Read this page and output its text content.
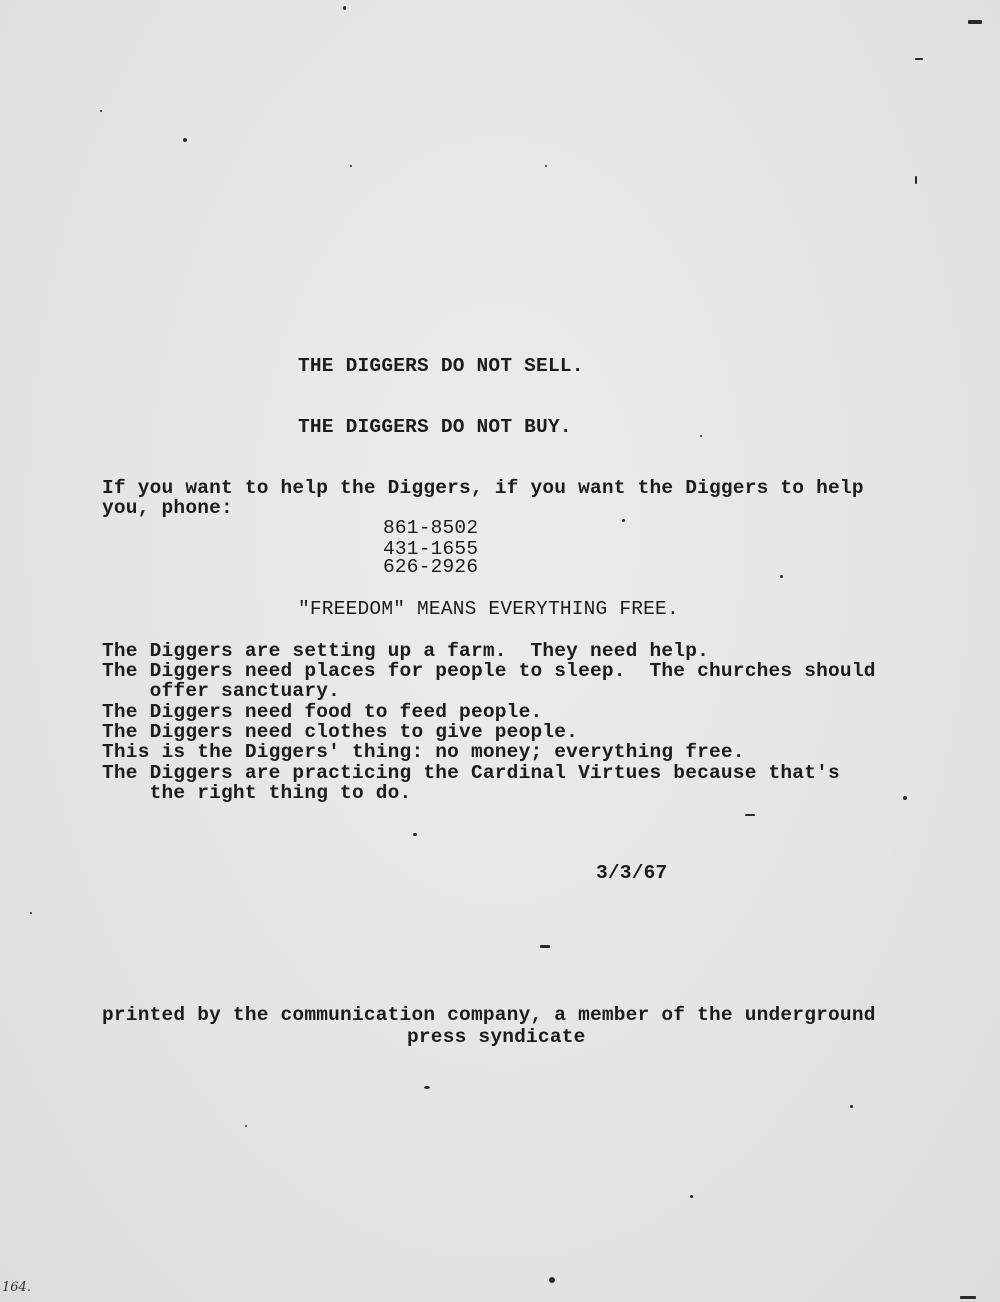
THE DIGGERS DO NOT SELL.
THE DIGGERS DO NOT BUY.
If you want to help the Diggers, if you want the Diggers to help
you, phone:
861-8502
431-1655
626-2926
"FREEDOM" MEANS EVERYTHING FREE.
The Diggers are setting up a farm.  They need help.
The Diggers need places for people to sleep.  The churches should
offer sanctuary.
The Diggers need food to feed people.
The Diggers need clothes to give people.
This is the Diggers' thing: no money; everything free.
The Diggers are practicing the Cardinal Virtues because that's
the right thing to do.
3/3/67
printed by the communication company, a member of the underground
press syndicate
164.
